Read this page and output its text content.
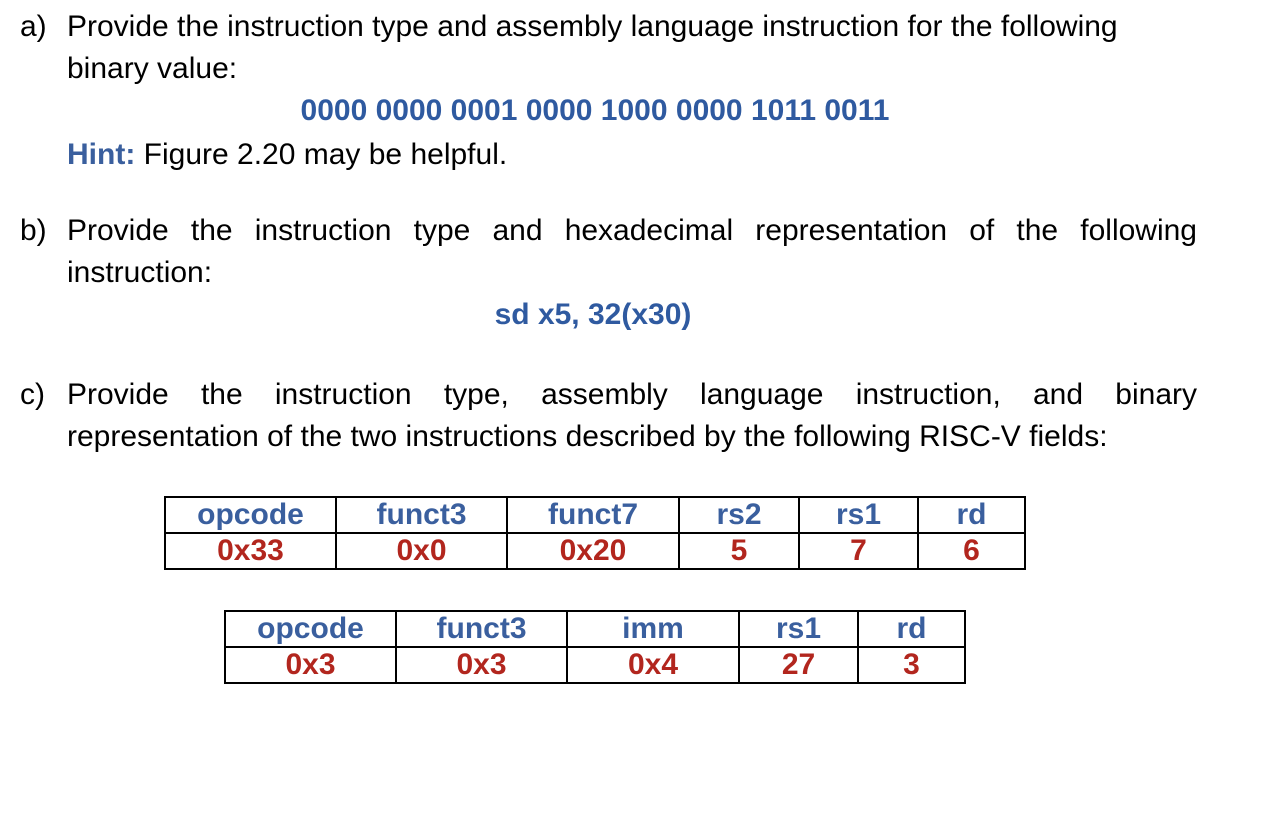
a) Provide the instruction type and assembly language instruction for the following
binary value:
0000 0000 0001 0000 1000 0000 1011 0011
Hint: Figure 2.20 may be helpful.
b) Provide the instruction type and hexadecimal representation of the following
instruction:
sd x5, 32(x30)
c) Provide the instruction type, assembly language instruction, and binary
representation of the two instructions described by the following RISC-V fields:
opcode	funct3	funct7	rs2	rs1	rd
0x33	0x0	0x20	5	7	6
opcode	funct3	imm	rs1	rd
0x3	0x3	0x4	27	3
